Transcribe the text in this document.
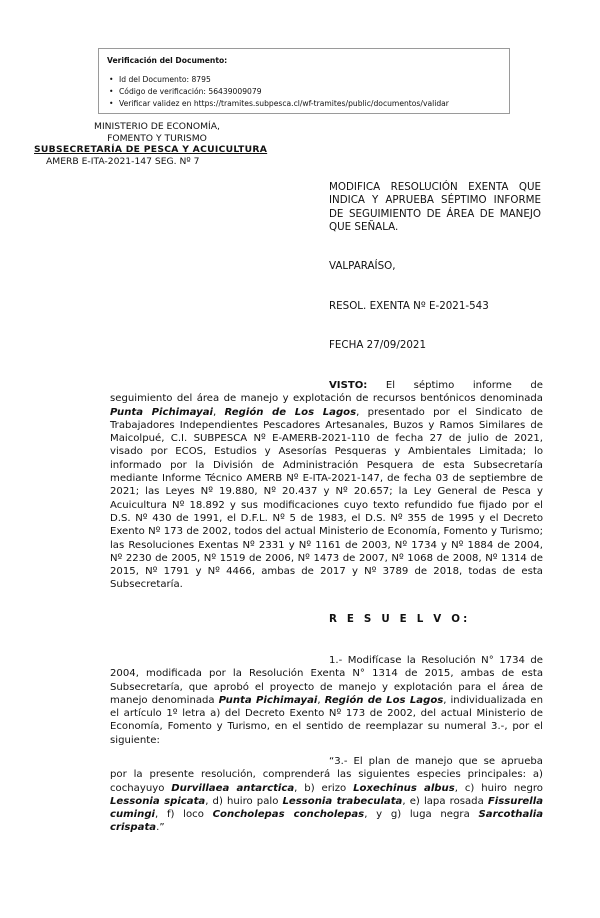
Verificación del Documento:
• Id del Documento: 8795
• Código de verificación: 56439009079
• Verificar validez en https://tramites.subpesca.cl/wf-tramites/public/documentos/validar
MINISTERIO DE ECONOMÍA,
FOMENTO Y TURISMO
SUBSECRETARÍA DE PESCA Y ACUICULTURA
AMERB E-ITA-2021-147 SEG. Nº 7
MODIFICA RESOLUCIÓN EXENTA QUE INDICA Y APRUEBA SÉPTIMO INFORME DE SEGUIMIENTO DE ÁREA DE MANEJO QUE SEÑALA.
VALPARAÍSO,
RESOL. EXENTA Nº E-2021-543
FECHA 27/09/2021
VISTO: El séptimo informe de seguimiento del área de manejo y explotación de recursos bentónicos denominada Punta Pichimayai, Región de Los Lagos, presentado por el Sindicato de Trabajadores Independientes Pescadores Artesanales, Buzos y Ramos Similares de Maicolpué, C.I. SUBPESCA Nº E-AMERB-2021-110 de fecha 27 de julio de 2021, visado por ECOS, Estudios y Asesorías Pesqueras y Ambientales Limitada; lo informado por la División de Administración Pesquera de esta Subsecretaría mediante Informe Técnico AMERB Nº E-ITA-2021-147, de fecha 03 de septiembre de 2021; las Leyes Nº 19.880, Nº 20.437 y Nº 20.657; la Ley General de Pesca y Acuicultura Nº 18.892 y sus modificaciones cuyo texto refundido fue fijado por el D.S. Nº 430 de 1991, el D.F.L. Nº 5 de 1983, el D.S. Nº 355 de 1995 y el Decreto Exento Nº 173 de 2002, todos del actual Ministerio de Economía, Fomento y Turismo; las Resoluciones Exentas Nº 2331 y Nº 1161 de 2003, Nº 1734 y Nº 1884 de 2004, Nº 2230 de 2005, Nº 1519 de 2006, Nº 1473 de 2007, Nº 1068 de 2008, Nº 1314 de 2015, Nº 1791 y Nº 4466, ambas de 2017 y Nº 3789 de 2018, todas de esta Subsecretaría.
R E S U E L V O:
1.- Modifícase la Resolución N° 1734 de 2004, modificada por la Resolución Exenta N° 1314 de 2015, ambas de esta Subsecretaría, que aprobó el proyecto de manejo y explotación para el área de manejo denominada Punta Pichimayai, Región de Los Lagos, individualizada en el artículo 1º letra a) del Decreto Exento Nº 173 de 2002, del actual Ministerio de Economía, Fomento y Turismo, en el sentido de reemplazar su numeral 3.-, por el siguiente:
“3.- El plan de manejo que se aprueba por la presente resolución, comprenderá las siguientes especies principales: a) cochayuyo Durvillaea antarctica, b) erizo Loxechinus albus, c) huiro negro Lessonia spicata, d) huiro palo Lessonia trabeculata, e) lapa rosada Fissurella cumingi, f) loco Concholepas concholepas, y g) luga negra Sarcothalia crispata.”
